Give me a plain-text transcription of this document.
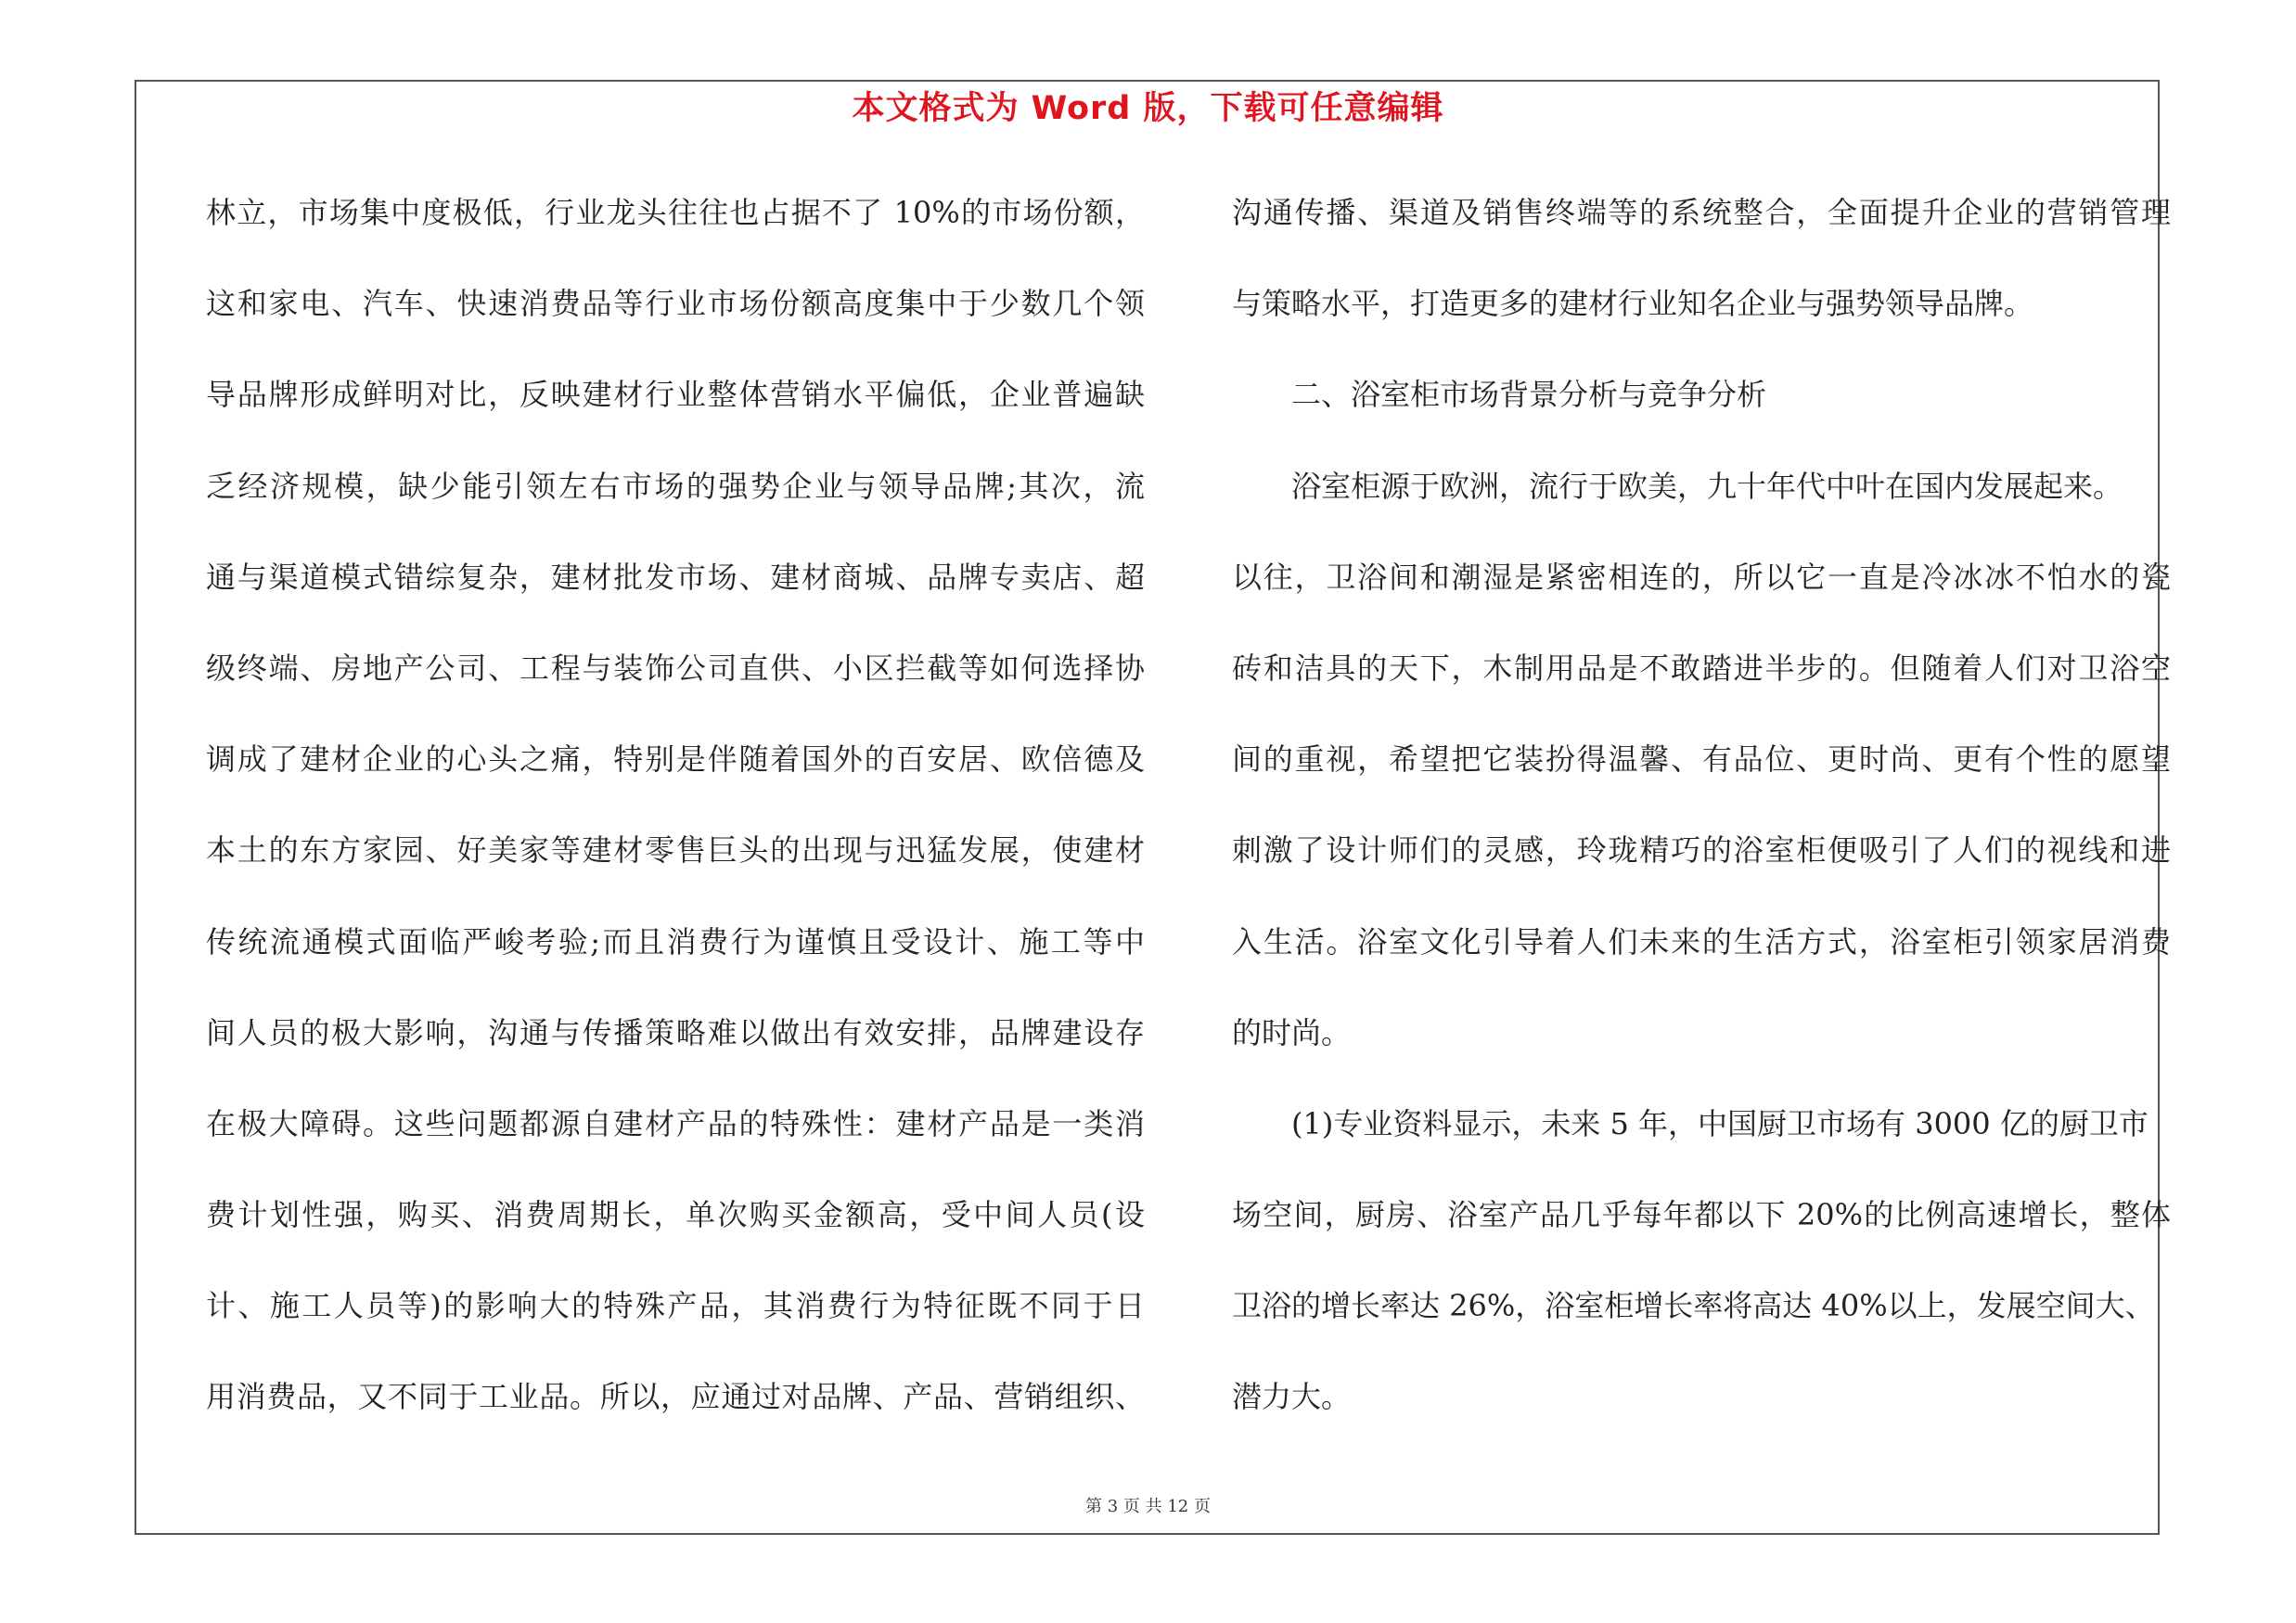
本文格式为 Word 版，下载可任意编辑
林立，市场集中度极低，行业龙头往往也占据不了 10%的市场份额，
这和家电、汽车、快速消费品等行业市场份额高度集中于少数几个领
导品牌形成鲜明对比，反映建材行业整体营销水平偏低，企业普遍缺
乏经济规模，缺少能引领左右市场的强势企业与领导品牌;其次，流
通与渠道模式错综复杂，建材批发市场、建材商城、品牌专卖店、超
级终端、房地产公司、工程与装饰公司直供、小区拦截等如何选择协
调成了建材企业的心头之痛，特别是伴随着国外的百安居、欧倍德及
本土的东方家园、好美家等建材零售巨头的出现与迅猛发展，使建材
传统流通模式面临严峻考验;而且消费行为谨慎且受设计、施工等中
间人员的极大影响，沟通与传播策略难以做出有效安排，品牌建设存
在极大障碍。这些问题都源自建材产品的特殊性：建材产品是一类消
费计划性强，购买、消费周期长，单次购买金额高，受中间人员(设
计、施工人员等)的影响大的特殊产品，其消费行为特征既不同于日
用消费品，又不同于工业品。所以，应通过对品牌、产品、营销组织、
沟通传播、渠道及销售终端等的系统整合，全面提升企业的营销管理
与策略水平，打造更多的建材行业知名企业与强势领导品牌。
二、浴室柜市场背景分析与竞争分析
浴室柜源于欧洲，流行于欧美，九十年代中叶在国内发展起来。
以往，卫浴间和潮湿是紧密相连的，所以它一直是冷冰冰不怕水的瓷
砖和洁具的天下，木制用品是不敢踏进半步的。但随着人们对卫浴空
间的重视，希望把它装扮得温馨、有品位、更时尚、更有个性的愿望
刺激了设计师们的灵感，玲珑精巧的浴室柜便吸引了人们的视线和进
入生活。浴室文化引导着人们未来的生活方式，浴室柜引领家居消费
的时尚。
(1)专业资料显示，未来 5 年，中国厨卫市场有 3000 亿的厨卫市
场空间，厨房、浴室产品几乎每年都以下 20%的比例高速增长，整体
卫浴的增长率达 26%，浴室柜增长率将高达 40%以上，发展空间大、
潜力大。
第 3 页 共 12 页
